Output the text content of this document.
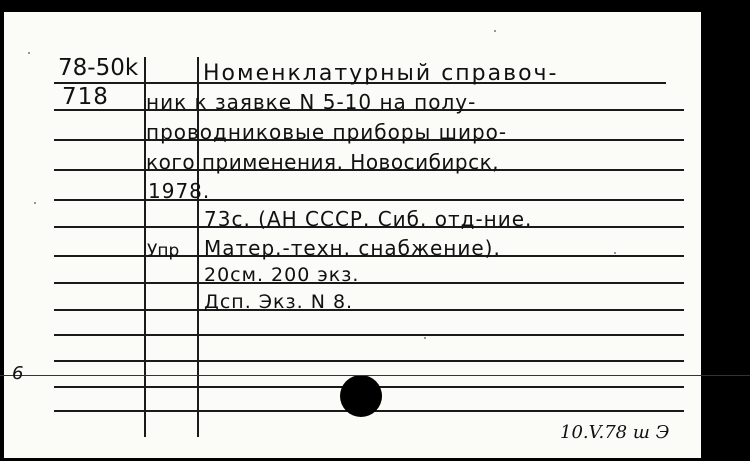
78-50k
718
Упр
Номенклатурный справоч-
ник к заявке N 5-10 на полу-
проводниковые приборы широ-
кого применения. Новосибирск,
1978.
73с. (АН СССР. Сиб. отд-ние.
Матер.-техн. снабжение).
20см. 200 экз.
Дсп. Экз. N 8.
10.V.78 ш Э
6
